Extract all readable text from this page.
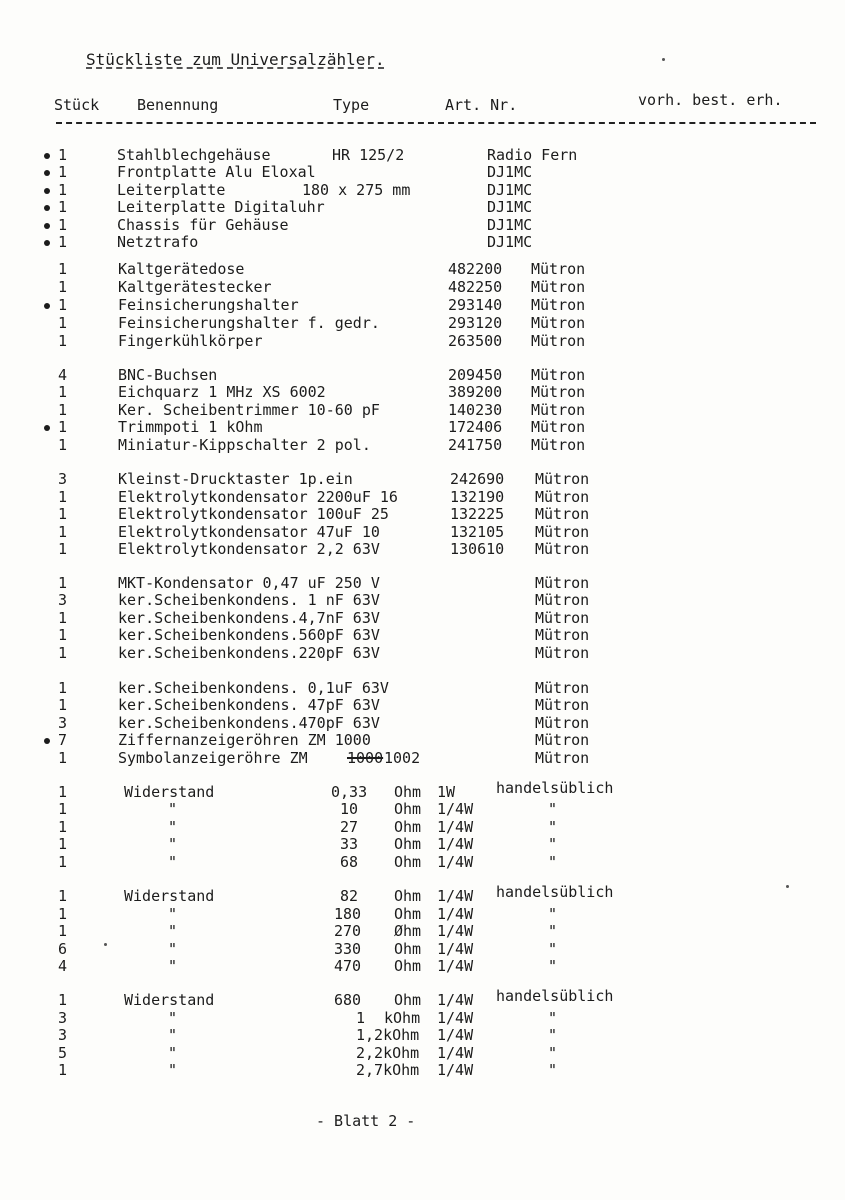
Stückliste zum Universalzähler.
Stück	Benennung	Type	Art. Nr.	vorh. best. erh.
1	Stahlblechgehäuse	HR 125/2	Radio Fern
1	Frontplatte Alu Eloxal	DJ1MC
1	Leiterplatte	180 x 275 mm	DJ1MC
1	Leiterplatte Digitaluhr	DJ1MC
1	Chassis für Gehäuse	DJ1MC
1	Netztrafo	DJ1MC
1	Kaltgerätedose	482200 Mütron
1	Kaltgerätestecker	482250 Mütron
1	Feinsicherungshalter	293140 Mütron
1	Feinsicherungshalter f. gedr.	293120 Mütron
1	Fingerkühlkörper	263500 Mütron
4	BNC-Buchsen	209450 Mütron
1	Eichquarz 1 MHz XS 6002	389200 Mütron
1	Ker. Scheibentrimmer 10-60 pF	140230 Mütron
1	Trimmpoti 1 kOhm	172406 Mütron
1	Miniatur-Kippschalter 2 pol.	241750 Mütron
3	Kleinst-Drucktaster 1p.ein	242690 Mütron
1	Elektrolytkondensator 2200uF 16	132190 Mütron
1	Elektrolytkondensator 100uF 25	132225 Mütron
1	Elektrolytkondensator 47uF 10	132105 Mütron
1	Elektrolytkondensator 2,2 63V	130610 Mütron
1	MKT-Kondensator 0,47 uF 250 V	Mütron
3	ker.Scheibenkondens. 1 nF 63V	Mütron
1	ker.Scheibenkondens.4,7nF 63V	Mütron
1	ker.Scheibenkondens.560pF 63V	Mütron
1	ker.Scheibenkondens.220pF 63V	Mütron
1	ker.Scheibenkondens. 0,1uF 63V	Mütron
1	ker.Scheibenkondens. 47pF 63V	Mütron
3	ker.Scheibenkondens.470pF 63V	Mütron
7	Ziffernanzeigeröhren ZM 1000	Mütron
1	Symbolanzeigeröhre ZM	1000 1002	Mütron
1	Widerstand	0,33 Ohm 1W	handelsüblich
1	"	10 Ohm 1/4W	"
1	"	27 Ohm 1/4W	"
1	"	33 Ohm 1/4W	"
1	"	68 Ohm 1/4W	"
1	Widerstand	82 Ohm 1/4W handelsüblich
1	"	180 Ohm 1/4W	"
1	"	270 Øhm 1/4W	"
6	"	330 Ohm 1/4W	"
4	"	470 Ohm 1/4W	"
1	Widerstand	680 Ohm 1/4W handelsüblich
3	"	1 kOhm 1/4W	"
3	"	1,2kOhm 1/4W	"
5	"	2,2kOhm 1/4W	"
1	"	2,7kOhm 1/4W	"
- Blatt 2 -
